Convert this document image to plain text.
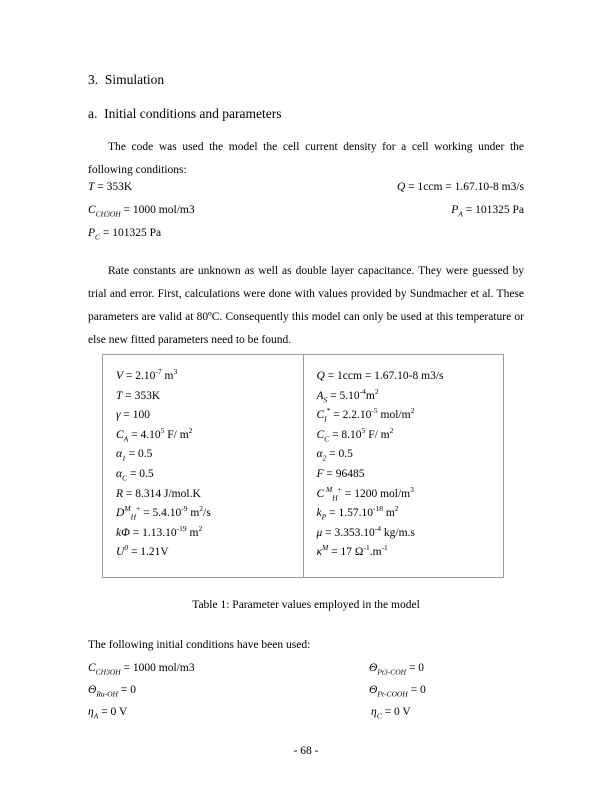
3. Simulation
a. Initial conditions and parameters

The code was used the model the cell current density for a cell working under the following conditions:

T = 353K	Q = 1ccm = 1.67.10-8 m3/s
$C_{CH3OH} = 1000$ mol/m3	$P_A = 101325$ Pa
$P_C = 101325$ Pa

Rate constants are unknown as well as double layer capacitance. They were guessed by trial and error. First, calculations were done with values provided by Sundmacher et al. These parameters are valid at 80ºC. Consequently this model can only be used at this temperature or else new fitted parameters need to be found.

$V = 2.10^{-7}$ $m^3$
T = 353K
γ = 100
$C_A = 4.10^5$ F/ $m^2$
$\alpha_1 = 0.5$
$\alpha_C = 0.5$
R = 8.314 J/mol.K
$D^M_H^+ = 5.4.10^{-9}$ $m^2/s$
$k\Phi = 1.13.10^{-19}$ $m^2$
$U^0 = 1.21V$

Q = 1ccm = 1.67.10-8 m3/s
$A_S = 5.10^{-4}m^2$
$C_I^* = 2.2.10^{-5}$ mol/$m^2$
$C_C = 8.10^5$ F/ $m^2$
$\alpha_2 = 0.5$
F = 96485
C $^M_H$+ = 1200 mol/$m^3$
$k_P = 1.57.10^{-18}$ $m^2$
$\mu = 3.353.10^{-4}$ kg/m.s
$\kappa^M = 17$ $\Omega^{-1}.m^{-1}$
Table 1: Parameter values employed in the model
The following initial conditions have been used:
$C_{CH3OH} = 1000$ mol/m3	$\Theta_{Pt3-COH} = 0$
$\Theta_{Ru-OH} = 0$	$\Theta_{Pt-COOH} = 0$
$\eta_A = 0$ V	$\eta_C = 0$ V
- 68 -
